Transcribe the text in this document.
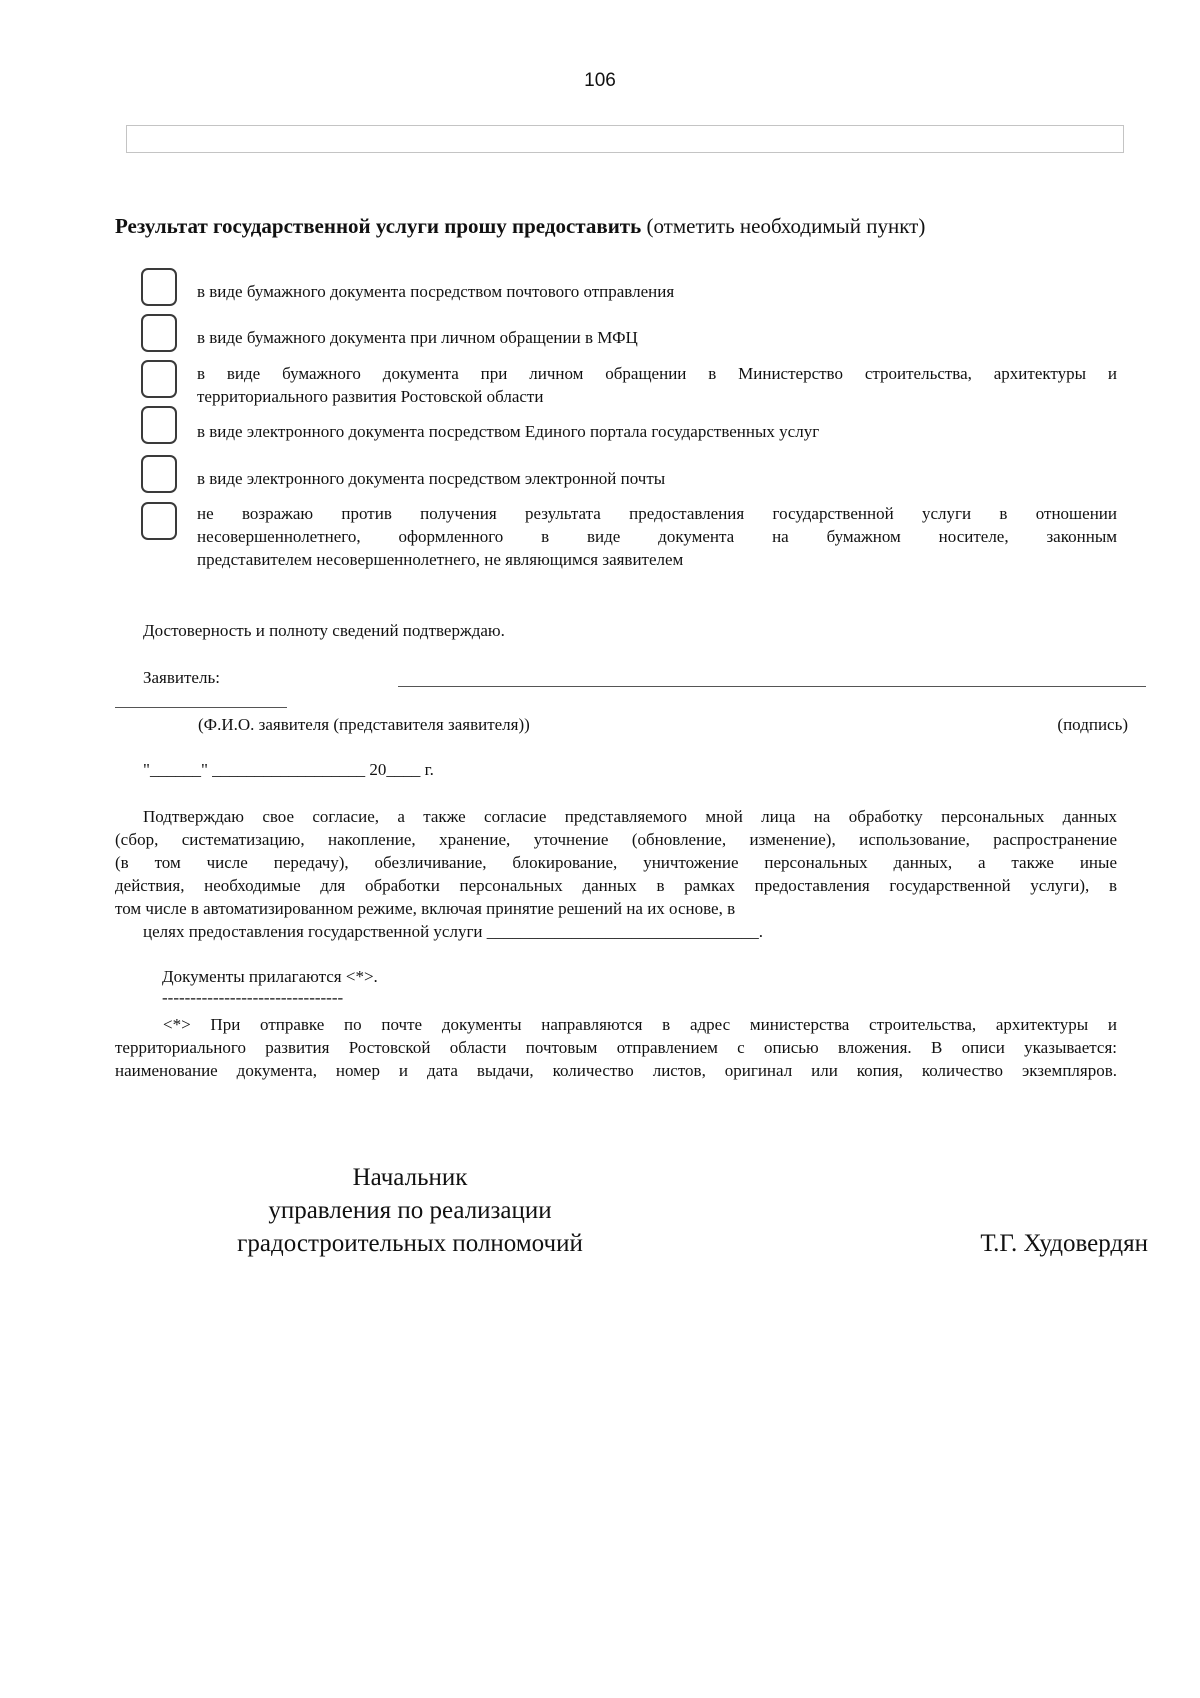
106
Результат государственной услуги прошу предоставить (отметить необходимый пункт)
в виде бумажного документа посредством почтового отправления
в виде бумажного документа при личном обращении в МФЦ
в виде бумажного документа при личном обращении в Министерство строительства, архитектуры и
территориального развития Ростовской области
в виде электронного документа посредством Единого портала государственных услуг
в виде электронного документа посредством электронной почты
не возражаю против получения результата предоставления государственной услуги в отношении
несовершеннолетнего, оформленного в виде документа на бумажном носителе, законным
представителем несовершеннолетнего, не являющимся заявителем
Достоверность и полноту сведений подтверждаю.
Заявитель:
(Ф.И.О. заявителя (представителя заявителя))	(подпись)
"______" __________________ 20____ г.
Подтверждаю свое согласие, а также согласие представляемого мной лица на обработку персональных данных
(сбор, систематизацию, накопление, хранение, уточнение (обновление, изменение), использование, распространение
(в том числе передачу), обезличивание, блокирование, уничтожение персональных данных, а также иные
действия, необходимые для обработки персональных данных в рамках предоставления государственной услуги), в
том числе в автоматизированном режиме, включая принятие решений на их основе, в
целях предоставления государственной услуги ________________________________.
Документы прилагаются <*>.
--------------------------------
<*> При отправке по почте документы направляются в адрес министерства строительства, архитектуры и
территориального развития Ростовской области почтовым отправлением с описью вложения. В описи указывается:
наименование документа, номер и дата выдачи, количество листов, оригинал или копия, количество экземпляров.
Начальник
управления по реализации
градостроительных полномочий	Т.Г. Худовердян
